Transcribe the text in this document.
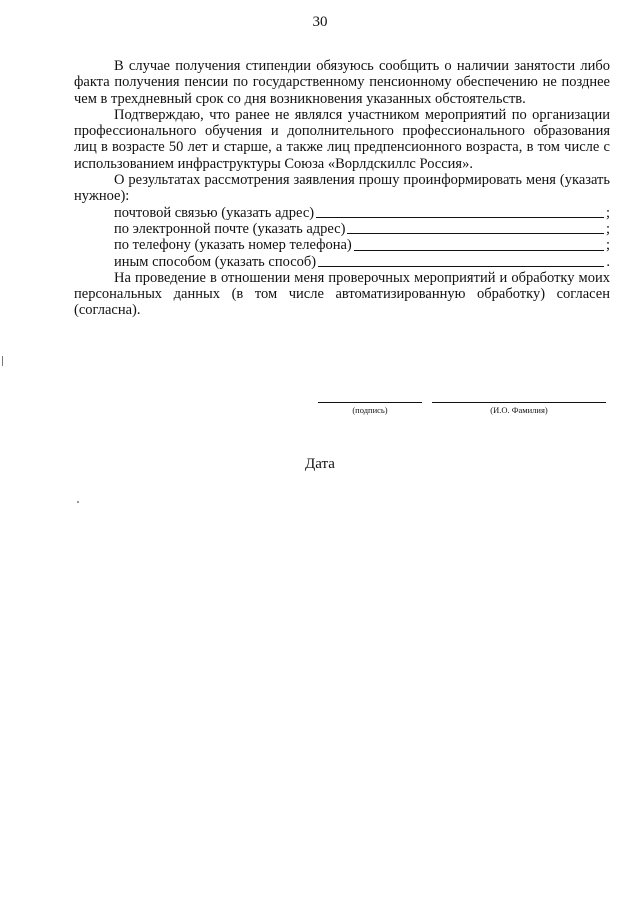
30

В случае получения стипендии обязуюсь сообщить о наличии занятости либо факта получения пенсии по государственному пенсионному обеспечению не позднее чем в трехдневный срок со дня возникновения указанных обстоятельств.

Подтверждаю, что ранее не являлся участником мероприятий по организации профессионального обучения и дополнительного профессионального образования лиц в возрасте 50 лет и старше, а также лиц предпенсионного возраста, в том числе с использованием инфраструктуры Союза «Ворлдскиллс Россия».

О результатах рассмотрения заявления прошу проинформировать меня (указать нужное):

почтовой связью (указать адрес)	;
по электронной почте (указать адрес)	;
по телефону (указать номер телефона)	;
иным способом (указать способ)	.

На проведение в отношении меня проверочных мероприятий и обработку моих персональных данных (в том числе автоматизированную обработку) согласен (согласна).

(подпись)	(И.О. Фамилия)
Дата
